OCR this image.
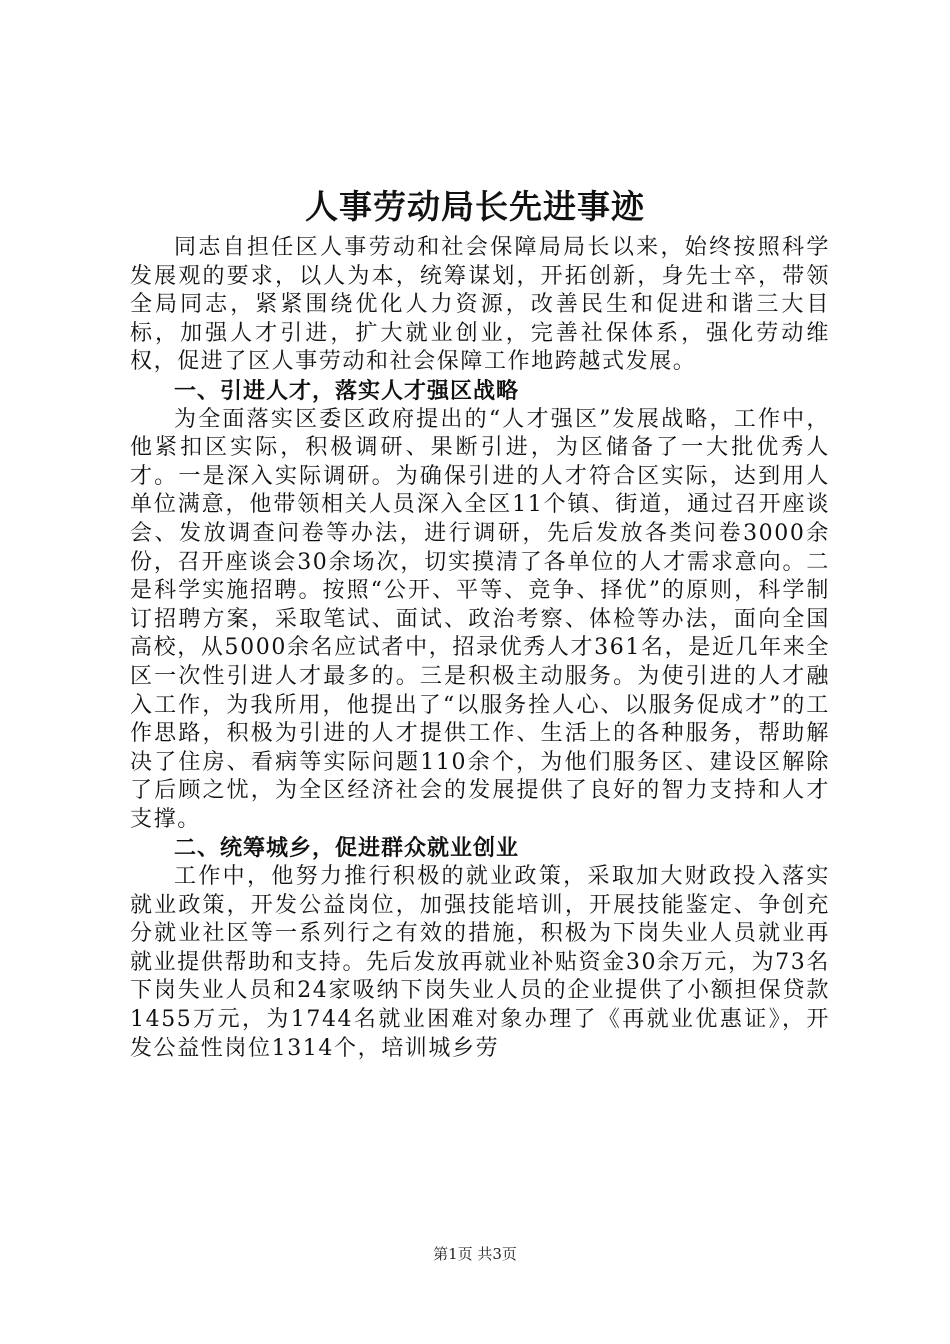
人事劳动局长先进事迹

同志自担任区人事劳动和社会保障局局长以来，始终按照科学发展观的要求，以人为本，统筹谋划，开拓创新，身先士卒，带领全局同志，紧紧围绕优化人力资源，改善民生和促进和谐三大目标，加强人才引进，扩大就业创业，完善社保体系，强化劳动维权，促进了区人事劳动和社会保障工作地跨越式发展。

一、引进人才，落实人才强区战略

为全面落实区委区政府提出的“人才强区”发展战略，工作中，他紧扣区实际，积极调研、果断引进，为区储备了一大批优秀人才。一是深入实际调研。为确保引进的人才符合区实际，达到用人单位满意，他带领相关人员深入全区11个镇、街道，通过召开座谈会、发放调查问卷等办法，进行调研，先后发放各类问卷3000余份，召开座谈会30余场次，切实摸清了各单位的人才需求意向。二是科学实施招聘。按照“公开、平等、竞争、择优”的原则，科学制订招聘方案，采取笔试、面试、政治考察、体检等办法，面向全国高校，从5000余名应试者中，招录优秀人才361名，是近几年来全区一次性引进人才最多的。三是积极主动服务。为使引进的人才融入工作，为我所用，他提出了“以服务拴人心、以服务促成才”的工作思路，积极为引进的人才提供工作、生活上的各种服务，帮助解决了住房、看病等实际问题110余个，为他们服务区、建设区解除了后顾之忧，为全区经济社会的发展提供了良好的智力支持和人才支撑。

二、统筹城乡，促进群众就业创业

工作中，他努力推行积极的就业政策，采取加大财政投入落实就业政策，开发公益岗位，加强技能培训，开展技能鉴定、争创充分就业社区等一系列行之有效的措施，积极为下岗失业人员就业再就业提供帮助和支持。先后发放再就业补贴资金30余万元，为73名下岗失业人员和24家吸纳下岗失业人员的企业提供了小额担保贷款1455万元，为1744名就业困难对象办理了《再就业优惠证》，开发公益性岗位1314个，培训城乡劳

第1页 共3页
